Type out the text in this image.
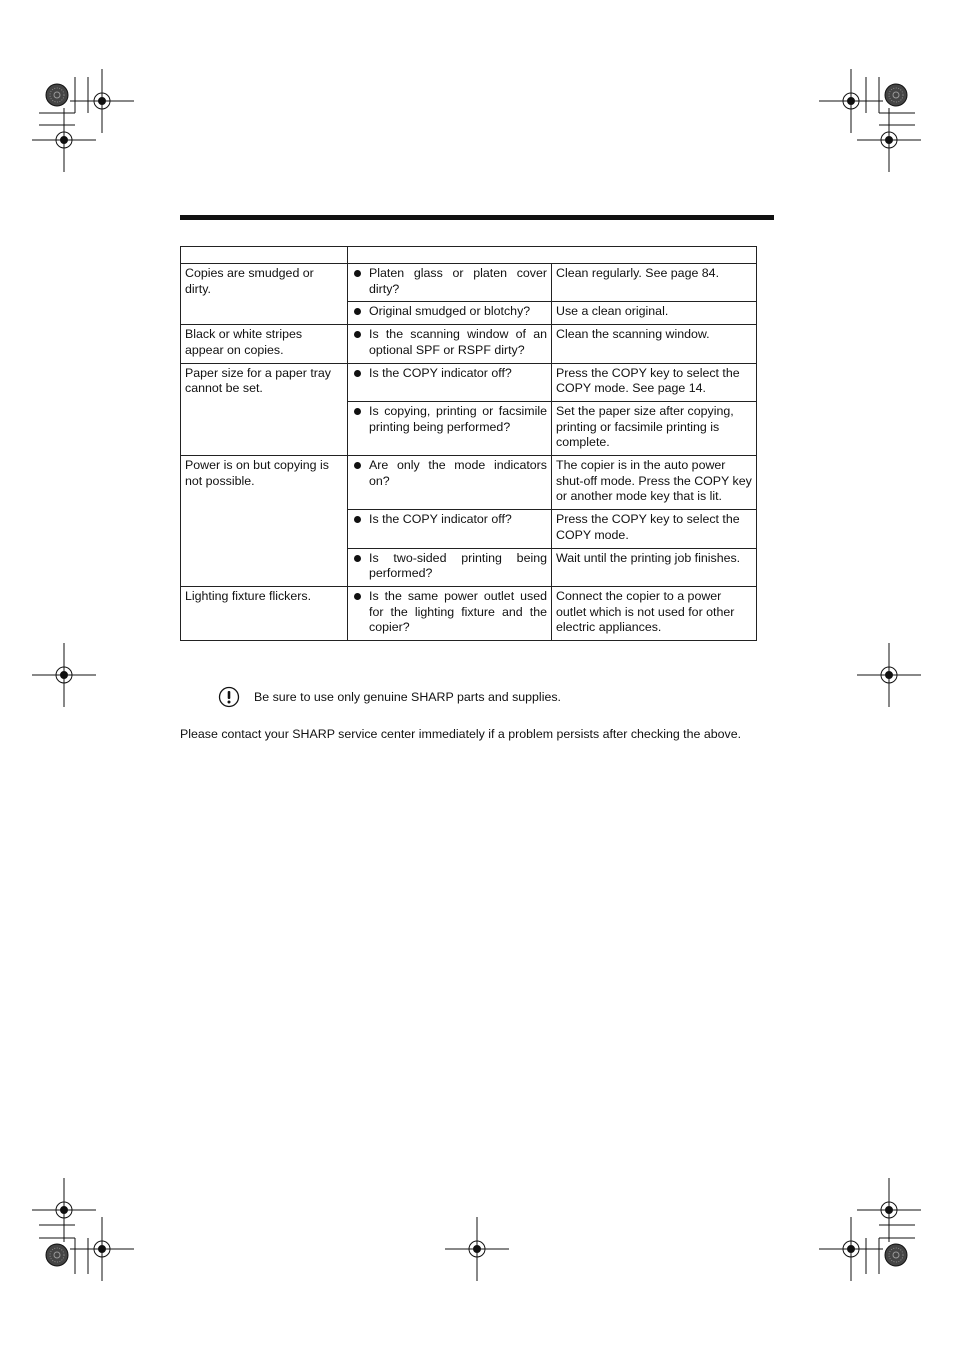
Copies are smudged or dirty.	Platen glass or platen cover dirty?	Clean regularly. See page 84.

	Original smudged or blotchy?	Use a clean original.
Black or white stripes appear on copies.	Is the scanning window of an optional SPF or RSPF dirty?	Clean the scanning window.
Paper size for a paper tray cannot be set.	Is the COPY indicator off?	Press the COPY key to select the COPY mode. See page 14.

	Is copying, printing or facsimile printing being performed?	Set the paper size after copying, printing or facsimile printing is complete.
Power is on but copying is not possible.	Are only the mode indicators on?	The copier is in the auto power shut-off mode. Press the COPY key or another mode key that is lit.

	Is the COPY indicator off?	Press the COPY key to select the COPY mode.

	Is two-sided printing being performed?	Wait until the printing job finishes.
Lighting fixture flickers.	Is the same power outlet used for the lighting fixture and the copier?	Connect the copier to a power outlet which is not used for other electric appliances.
Be sure to use only genuine SHARP parts and supplies.
Please contact your SHARP service center immediately if a problem persists after checking the above.
